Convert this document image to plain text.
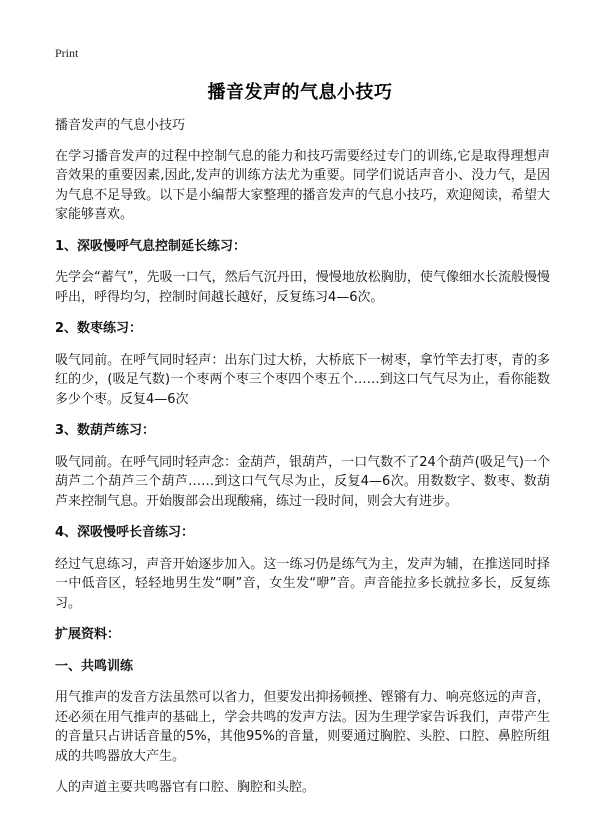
Print
播音发声的气息小技巧

播音发声的气息小技巧

在学习播音发声的过程中控制气息的能力和技巧需要经过专门的训练,它是取得理想声音效果的重要因素,因此,发声的训练方法尤为重要。同学们说话声音小、没力气，是因为气息不足导致。以下是小编帮大家整理的播音发声的气息小技巧，欢迎阅读，希望大家能够喜欢。

1、深吸慢呼气息控制延长练习：

先学会“蓄气”，先吸一口气，然后气沉丹田，慢慢地放松胸肋，使气像细水长流般慢慢呼出，呼得均匀，控制时间越长越好，反复练习4—6次。

2、数枣练习：

吸气同前。在呼气同时轻声：出东门过大桥，大桥底下一树枣，拿竹竿去打枣，青的多红的少，(吸足气数)一个枣两个枣三个枣四个枣五个……到这口气气尽为止，看你能数多少个枣。反复4—6次

3、数葫芦练习：

吸气同前。在呼气同时轻声念：金葫芦，银葫芦，一口气数不了24个葫芦(吸足气)一个葫芦二个葫芦三个葫芦……到这口气气尽为止，反复4—6次。用数数字、数枣、数葫芦来控制气息。开始腹部会出现酸痛，练过一段时间，则会大有进步。

4、深吸慢呼长音练习：

经过气息练习，声音开始逐步加入。这一练习仍是练气为主，发声为辅，在推送同时择一中低音区，轻轻地男生发“啊”音，女生发“咿”音。声音能拉多长就拉多长，反复练习。

扩展资料：
一、共鸣训练

用气推声的发音方法虽然可以省力，但要发出抑扬顿挫、铿锵有力、响亮悠远的声音，还必须在用气推声的基础上，学会共鸣的发声方法。因为生理学家告诉我们，声带产生的音量只占讲话音量的5%，其他95%的音量，则要通过胸腔、头腔、口腔、鼻腔所组成的共鸣器放大产生。

人的声道主要共鸣器官有口腔、胸腔和头腔。
